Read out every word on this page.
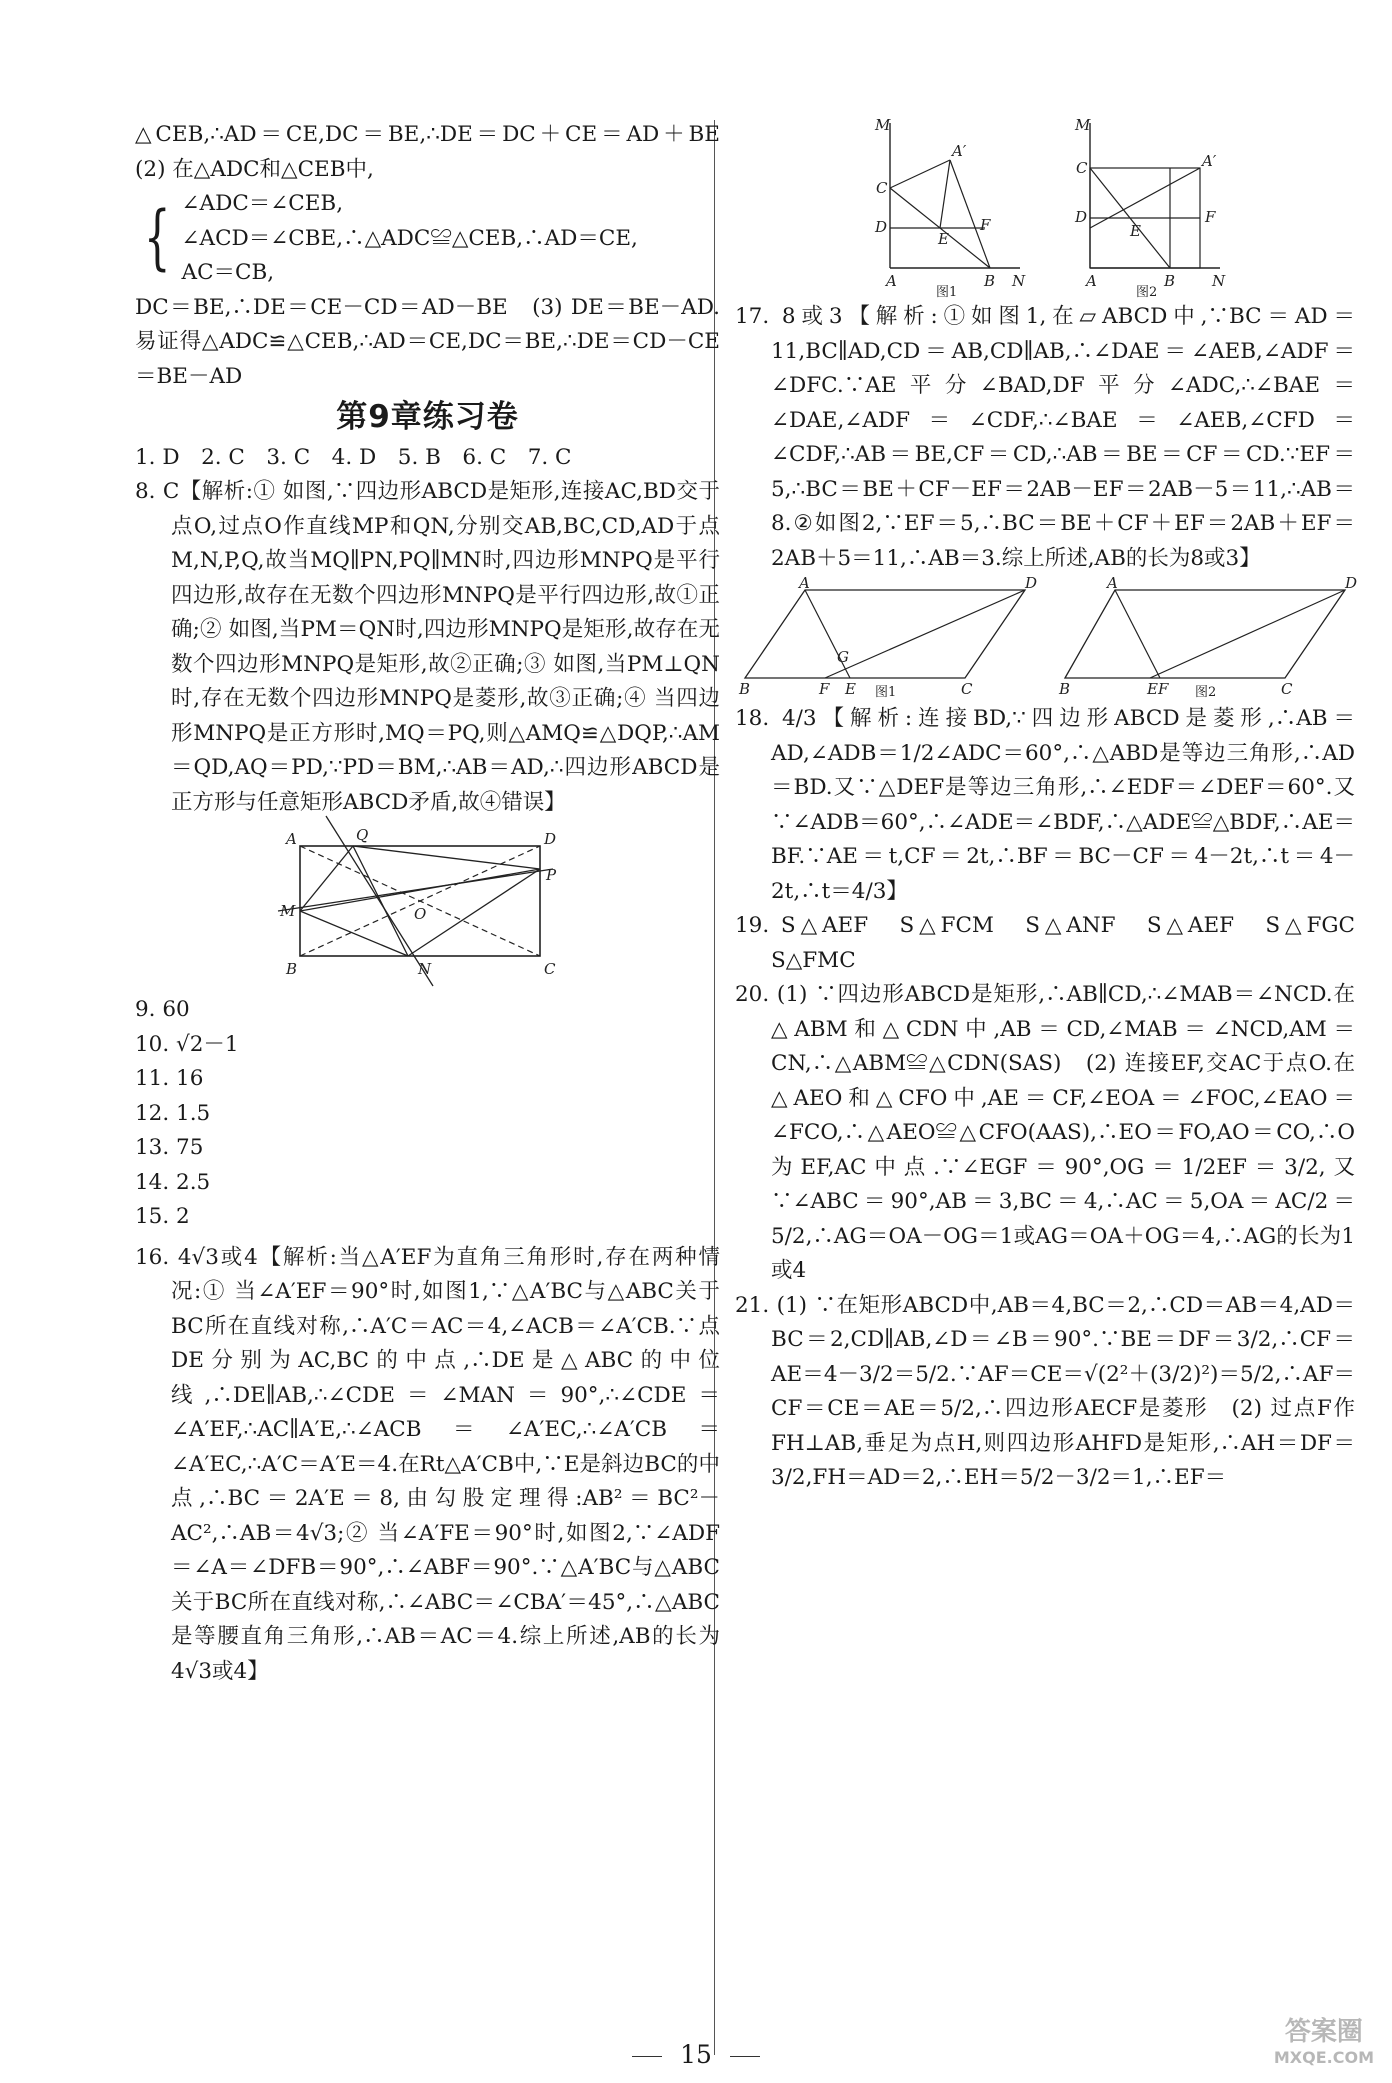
△CEB,∴AD＝CE,DC＝BE,∴DE＝DC＋CE＝AD＋BE　(2) 在△ADC和△CEB中,

{ ∠ADC＝∠CEB,

∠ACD＝∠CBE,∴△ADC≌△CEB,∴AD＝CE,

AC＝CB,

DC＝BE,∴DE＝CE－CD＝AD－BE　(3) DE＝BE－AD.易证得△ADC≌△CEB,∴AD＝CE,DC＝BE,∴DE＝CD－CE＝BE－AD

第9章练习卷

1. D　2. C　3. C　4. D　5. B　6. C　7. C

8. C【解析:① 如图,∵四边形ABCD是矩形,连接AC,BD交于点O,过点O作直线MP和QN,分别交AB,BC,CD,AD于点M,N,P,Q,故当MQ∥PN,PQ∥MN时,四边形MNPQ是平行四边形,故存在无数个四边形MNPQ是平行四边形,故①正确;② 如图,当PM＝QN时,四边形MNPQ是矩形,故存在无数个四边形MNPQ是矩形,故②正确;③ 如图,当PM⊥QN时,存在无数个四边形MNPQ是菱形,故③正确;④ 当四边形MNPQ是正方形时,MQ＝PQ,则△AMQ≌△DQP,∴AM＝QD,AQ＝PD,∵PD＝BM,∴AB＝AD,∴四边形ABCD是正方形与任意矩形ABCD矛盾,故④错误】

A	Q	D
M	O
P
B	N	C

9. 60

10. √2－1

11. 16

12. 1.5

13. 75

14. 2.5

15. 2

16. 4√3或4【解析:当△A′EF为直角三角形时,存在两种情况:① 当∠A′EF＝90°时,如图1,∵△A′BC与△ABC关于BC所在直线对称,∴A′C＝AC＝4,∠ACB＝∠A′CB.∵点DE分别为AC,BC的中点,∴DE是△ABC的中位线,∴DE∥AB,∴∠CDE＝∠MAN＝90°,∴∠CDE＝∠A′EF,∴AC∥A′E,∴∠ACB＝∠A′EC,∴∠A′CB＝∠A′EC,∴A′C＝A′E＝4.在Rt△A′CB中,∵E是斜边BC的中点,∴BC＝2A′E＝8,由勾股定理得:AB²＝BC²－AC²,∴AB＝4√3;② 当∠A′FE＝90°时,如图2,∵∠ADF＝∠A＝∠DFB＝90°,∴∠ABF＝90°.∵△A′BC与△ABC关于BC所在直线对称,∴∠ABC＝∠CBA′＝45°,∴△ABC是等腰直角三角形,∴AB＝AC＝4.综上所述,AB的长为4√3或4】

M
C
D
A′
E
F
A	B N
图1
M
C
D
A′
E
F
A	B N
图2

17. 8或3【解析:①如图1,在▱ABCD中,∵BC＝AD＝11,BC∥AD,CD＝AB,CD∥AB,∴∠DAE＝∠AEB,∠ADF＝∠DFC.∵AE平分∠BAD,DF平分∠ADC,∴∠BAE＝∠DAE,∠ADF＝∠CDF,∴∠BAE＝∠AEB,∠CFD＝∠CDF,∴AB＝BE,CF＝CD,∴AB＝BE＝CF＝CD.∵EF＝5,∴BC＝BE＋CF－EF＝2AB－EF＝2AB－5＝11,∴AB＝8.②如图2,∵EF＝5,∴BC＝BE＋CF＋EF＝2AB＋EF＝2AB＋5＝11,∴AB＝3.综上所述,AB的长为8或3】

A	D
G
B	F E	C
图1
A	D
B	EF	C
图2

18. 4/3【解析:连接BD,∵四边形ABCD是菱形,∴AB＝AD,∠ADB＝1/2∠ADC＝60°,∴△ABD是等边三角形,∴AD＝BD.又∵△DEF是等边三角形,∴∠EDF＝∠DEF＝60°.又∵∠ADB＝60°,∴∠ADE＝∠BDF,∴△ADE≌△BDF,∴AE＝BF.∵AE＝t,CF＝2t,∴BF＝BC－CF＝4－2t,∴t＝4－2t,∴t＝4/3】

19. S△AEF　S△FCM　S△ANF　S△AEF　S△FGC　S△FMC

20. (1) ∵四边形ABCD是矩形,∴AB∥CD,∴∠MAB＝∠NCD.在△ABM和△CDN中,AB＝CD,∠MAB＝∠NCD,AM＝CN,∴△ABM≌△CDN(SAS)　(2) 连接EF,交AC于点O.在△AEO和△CFO中,AE＝CF,∠EOA＝∠FOC,∠EAO＝∠FCO,∴△AEO≌△CFO(AAS),∴EO＝FO,AO＝CO,∴O为EF,AC中点.∵∠EGF＝90°,OG＝1/2EF＝3/2,又∵∠ABC＝90°,AB＝3,BC＝4,∴AC＝5,OA＝AC/2＝5/2,∴AG＝OA－OG＝1或AG＝OA＋OG＝4,∴AG的长为1或4

21. (1) ∵在矩形ABCD中,AB＝4,BC＝2,∴CD＝AB＝4,AD＝BC＝2,CD∥AB,∠D＝∠B＝90°.∵BE＝DF＝3/2,∴CF＝AE＝4－3/2＝5/2.∵AF＝CE＝√(2²＋(3/2)²)＝5/2,∴AF＝CF＝CE＝AE＝5/2,∴四边形AECF是菱形　(2) 过点F作FH⊥AB,垂足为点H,则四边形AHFD是矩形,∴AH＝DF＝3/2,FH＝AD＝2,∴EH＝5/2－3/2＝1,∴EF＝

15
答案圈
MXQE.COM
